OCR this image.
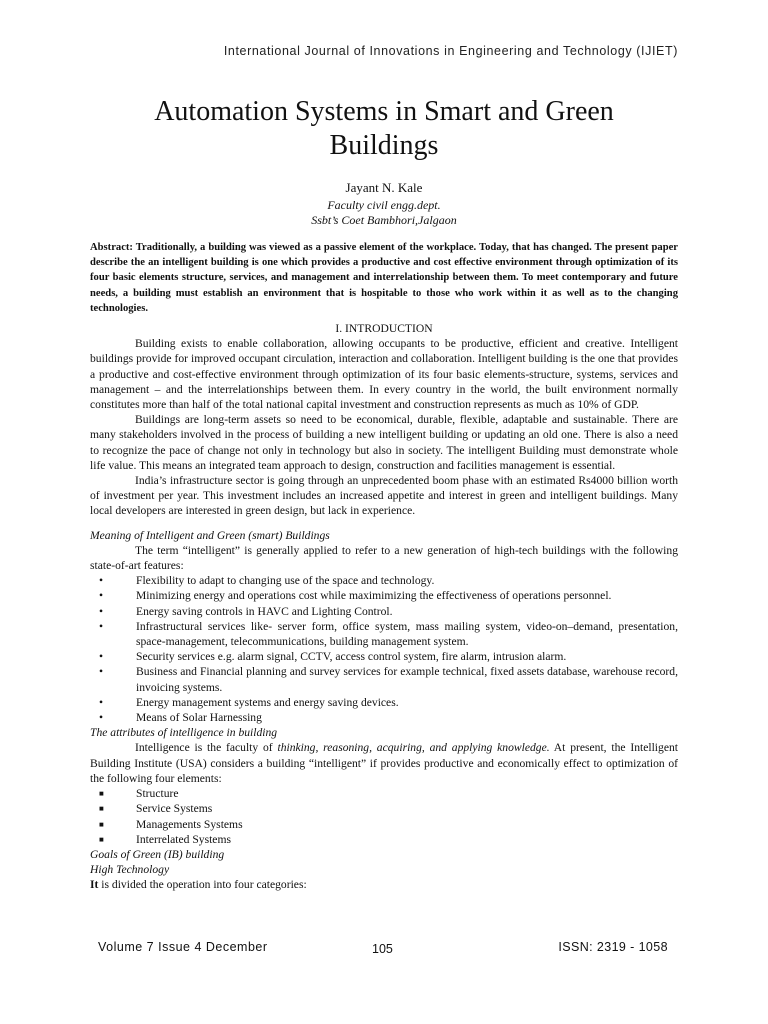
International Journal of Innovations in Engineering and Technology (IJIET)
Automation Systems in Smart and Green
Buildings
Jayant N. Kale
Faculty civil engg.dept.
Ssbt’s Coet Bambhori,Jalgaon
Abstract: Traditionally, a building was viewed as a passive element of the workplace. Today, that has changed. The present paper describe the an intelligent building is one which provides a productive and cost effective environment through optimization of its four basic elements structure, services, and management and interrelationship between them. To meet contemporary and future needs, a building must establish an environment that is hospitable to those who work within it as well as to the changing technologies.
I. INTRODUCTION

Building exists to enable collaboration, allowing occupants to be productive, efficient and creative. Intelligent buildings provide for improved occupant circulation, interaction and collaboration. Intelligent building is the one that provides a productive and cost-effective environment through optimization of its four basic elements-structure, systems, services and management – and the interrelationships between them. In every country in the world, the built environment normally constitutes more than half of the total national capital investment and construction represents as much as 10% of GDP.

Buildings are long-term assets so need to be economical, durable, flexible, adaptable and sustainable. There are many stakeholders involved in the process of building a new intelligent building or updating an old one. There is also a need to recognize the pace of change not only in technology but also in society. The intelligent Building must demonstrate whole life value. This means an integrated team approach to design, construction and facilities management is essential.

India’s infrastructure sector is going through an unprecedented boom phase with an estimated Rs4000 billion worth of investment per year. This investment includes an increased appetite and interest in green and intelligent buildings. Many local developers are interested in green design, but lack in experience.

Meaning of Intelligent and Green (smart) Buildings

The term “intelligent” is generally applied to refer to a new generation of high-tech buildings with the following state-of-art features:

•	Flexibility to adapt to changing use of the space and technology.
•	Minimizing energy and operations cost while maximimizing the effectiveness of operations personnel.
•	Energy saving controls in HAVC and Lighting Control.
•	Infrastructural services like- server form, office system, mass mailing system, video-on–demand, presentation, space-management, telecommunications, building management system.
•	Security services e.g. alarm signal, CCTV, access control system, fire alarm, intrusion alarm.
•	Business and Financial planning and survey services for example technical, fixed assets database, warehouse record, invoicing systems.
•	Energy management systems and energy saving devices.
•	Means of Solar Harnessing
The attributes of intelligence in building

Intelligence is the faculty of thinking, reasoning, acquiring, and applying knowledge. At present, the Intelligent Building Institute (USA) considers a building “intelligent” if provides productive and economically effect to optimization of the following four elements:

■	Structure
■	Service Systems
■	Managements Systems
■	Interrelated Systems
Goals of Green (IB) building
High Technology
It is divided the operation into four categories:
Volume 7 Issue 4 December	105	ISSN: 2319 - 1058
